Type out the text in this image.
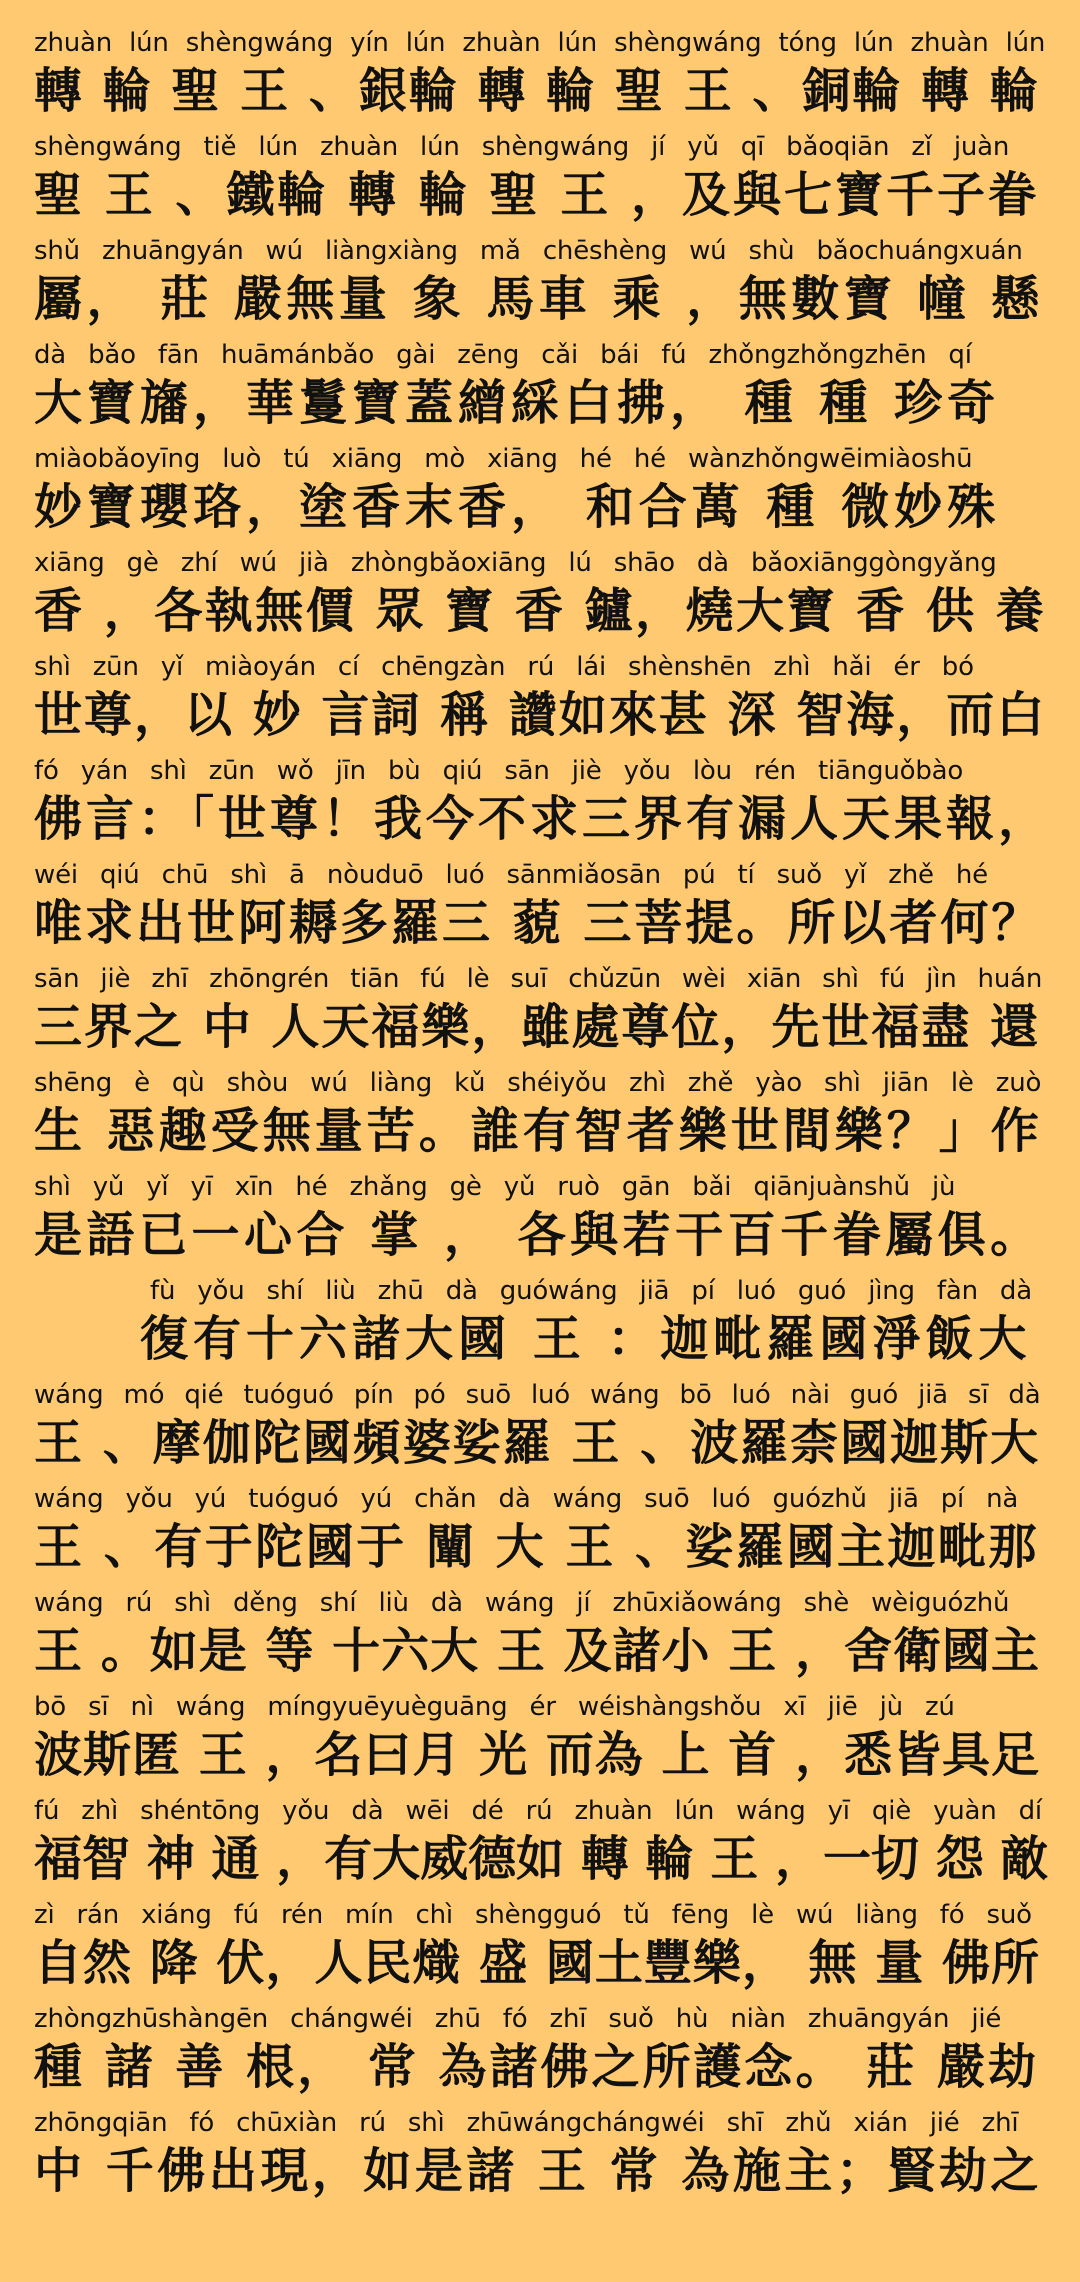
zhuàn lún shèngwáng yín lún zhuàn lún shèngwáng tóng lún zhuàn lún
轉 輪 聖 王 、銀輪 轉 輪 聖 王 、銅輪 轉 輪
shèngwáng tiě lún zhuàn lún shèngwáng jí yǔ qī bǎoqiān zǐ juàn
聖 王 、鐵輪 轉 輪 聖 王 ，及與七寶千子眷
shǔ zhuāngyán wú liàngxiàng mǎ chēshèng wú shù bǎochuángxuán
屬， 莊 嚴無量 象 馬車 乘 ，無數寶 幢 懸
dà bǎo fān huāmánbǎo gài zēng cǎi bái fú zhǒngzhǒngzhēn qí
大寶旛，華鬘寶蓋繒綵白拂， 種 種 珍奇
miàobǎoyīng luò tú xiāng mò xiāng hé hé wànzhǒngwēimiàoshū
妙寶瓔珞，塗香末香， 和合萬 種 微妙殊
xiāng gè zhí wú jià zhòngbǎoxiāng lú shāo dà bǎoxiānggòngyǎng
香 ，各執無價 眾 寶 香 鑪，燒大寶 香 供 養
shì zūn yǐ miàoyán cí chēngzàn rú lái shènshēn zhì hǎi ér bó
世尊，以 妙 言詞 稱 讚如來甚 深 智海，而白
fó yán shì zūn wǒ jīn bù qiú sān jiè yǒu lòu rén tiānguǒbào
佛言：「世尊！我今不求三界有漏人天果報，
wéi qiú chū shì ā nòuduō luó sānmiǎosān pú tí suǒ yǐ zhě hé
唯求出世阿耨多羅三 藐 三菩提。所以者何？
sān jiè zhī zhōngrén tiān fú lè suī chǔzūn wèi xiān shì fú jìn huán
三界之 中 人天福樂，雖處尊位，先世福盡 還
shēng è qù shòu wú liàng kǔ shéiyǒu zhì zhě yào shì jiān lè zuò
生 惡趣受無量苦。誰有智者樂世間樂？」作
shì yǔ yǐ yī xīn hé zhǎng gè yǔ ruò gān bǎi qiānjuànshǔ jù
是語已一心合 掌 ， 各與若干百千眷屬俱。
fù yǒu shí liù zhū dà guówáng jiā pí luó guó jìng fàn dà
復有十六諸大國 王 ：迦毗羅國淨飯大
wáng mó qié tuóguó pín pó suō luó wáng bō luó nài guó jiā sī dà
王 、摩伽陀國頻婆娑羅 王 、波羅柰國迦斯大
wáng yǒu yú tuóguó yú chǎn dà wáng suō luó guózhǔ jiā pí nà
王 、有于陀國于 闡 大 王 、娑羅國主迦毗那
wáng rú shì děng shí liù dà wáng jí zhūxiǎowáng shè wèiguózhǔ
王 。如是 等 十六大 王 及諸小 王 ，舍衛國主
bō sī nì wáng míngyuēyuèguāng ér wéishàngshǒu xī jiē jù zú
波斯匿 王 ，名曰月 光 而為 上 首 ，悉皆具足
fú zhì shéntōng yǒu dà wēi dé rú zhuàn lún wáng yī qiè yuàn dí
福智 神 通 ，有大威德如 轉 輪 王 ，一切 怨 敵
zì rán xiáng fú rén mín chì shèngguó tǔ fēng lè wú liàng fó suǒ
自然 降 伏，人民熾 盛 國土豐樂， 無 量 佛所
zhòngzhūshàngēn chángwéi zhū fó zhī suǒ hù niàn zhuāngyán jié
種 諸 善 根， 常 為諸佛之所護念。 莊 嚴劫
zhōngqiān fó chūxiàn rú shì zhūwángchángwéi shī zhǔ xián jié zhī
中 千佛出現，如是諸 王 常 為施主；賢劫之
